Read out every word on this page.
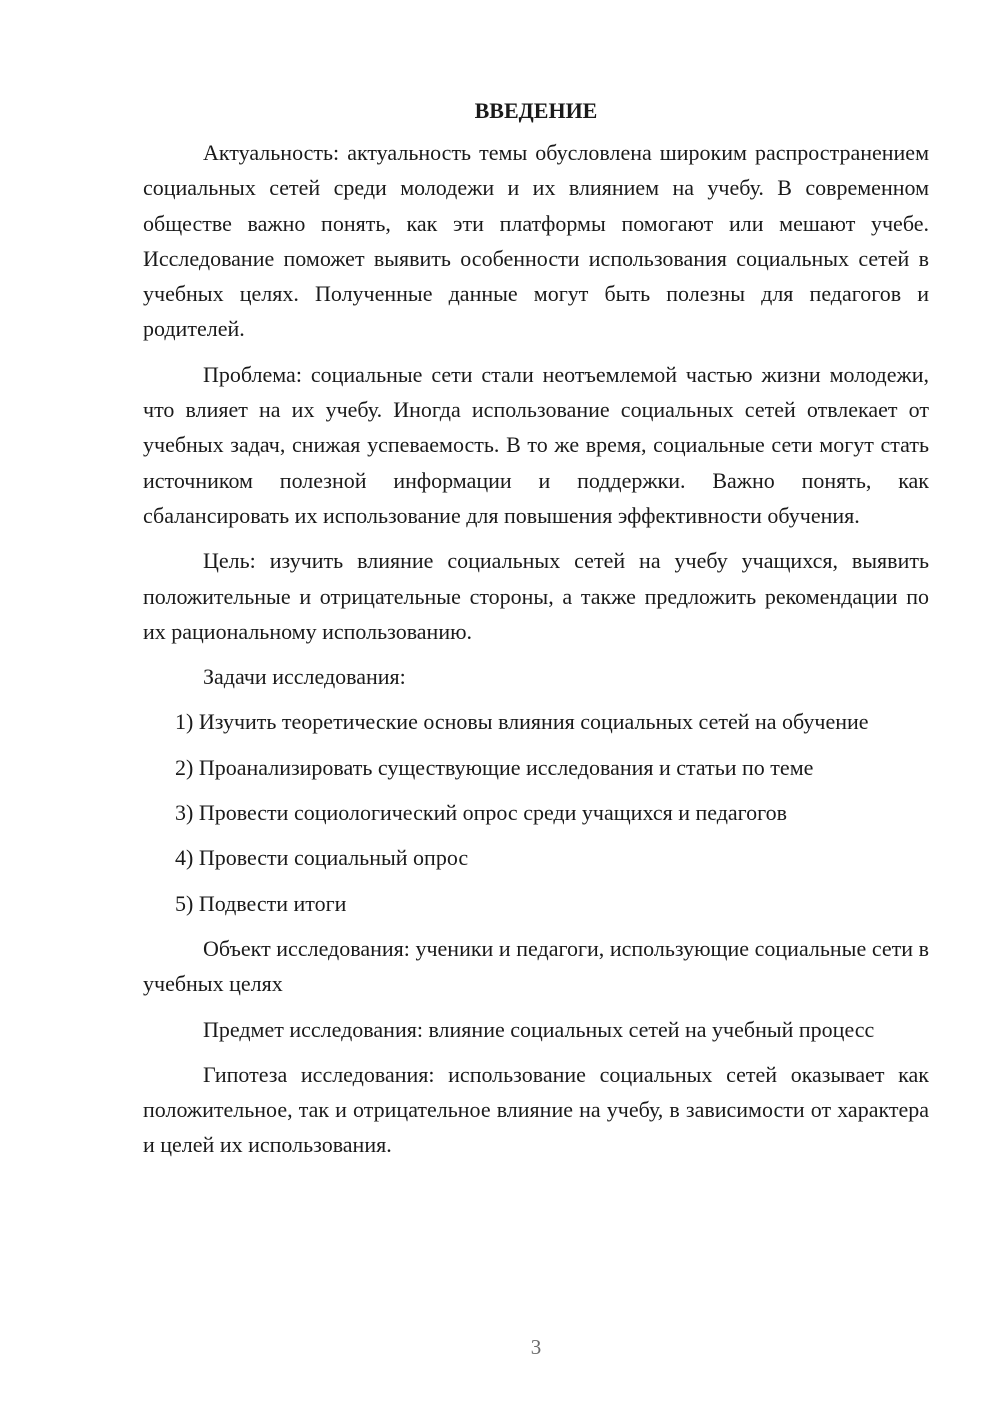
ВВЕДЕНИЕ

Актуальность: актуальность темы обусловлена широким распространением социальных сетей среди молодежи и их влиянием на учебу. В современном обществе важно понять, как эти платформы помогают или мешают учебе. Исследование поможет выявить особенности использования социальных сетей в учебных целях. Полученные данные могут быть полезны для педагогов и родителей.

Проблема: социальные сети стали неотъемлемой частью жизни молодежи, что влияет на их учебу. Иногда использование социальных сетей отвлекает от учебных задач, снижая успеваемость. В то же время, социальные сети могут стать источником полезной информации и поддержки. Важно понять, как сбалансировать их использование для повышения эффективности обучения.

Цель: изучить влияние социальных сетей на учебу учащихся, выявить положительные и отрицательные стороны, а также предложить рекомендации по их рациональному использованию.

Задачи исследования:

1) Изучить теоретические основы влияния социальных сетей на обучение

2) Проанализировать существующие исследования и статьи по теме

3) Провести социологический опрос среди учащихся и педагогов

4) Провести социальный опрос

5) Подвести итоги

Объект исследования: ученики и педагоги, использующие социальные сети в учебных целях

Предмет исследования: влияние социальных сетей на учебный процесс

Гипотеза исследования: использование социальных сетей оказывает как положительное, так и отрицательное влияние на учебу, в зависимости от характера и целей их использования.

3
